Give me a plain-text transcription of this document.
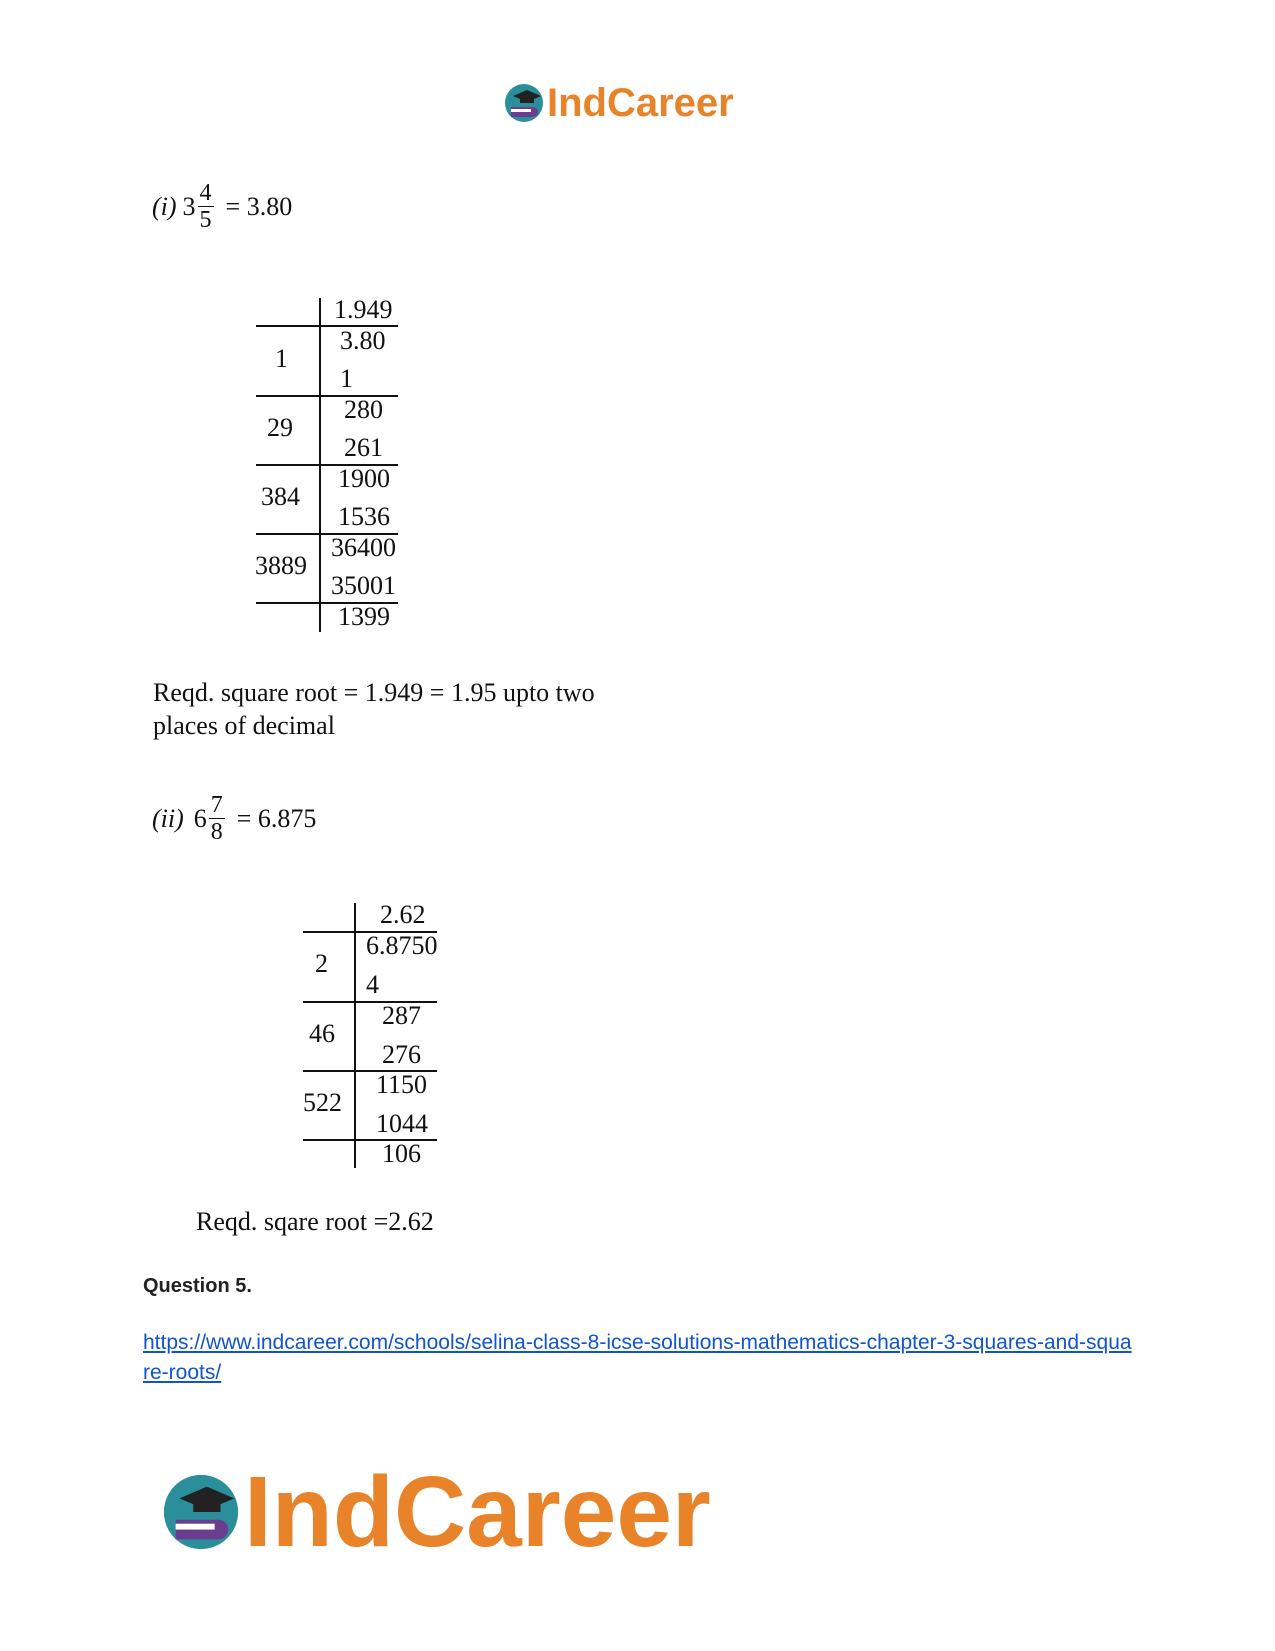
IndCareer
(i) $3 \frac{4}{5} = 3.80$
1.949
1
3.80
1
29
280
261
384
1900
1536
3889
36400
35001
1399
Reqd. square root = 1.949 = 1.95 upto two
places of decimal
(ii) $6 \frac{7}{8} = 6.875$
2.62
2
6.8750
4
46
287
276
522
1150
1044
106
Reqd. sqare root =2.62
Question 5.
https://www.indcareer.com/schools/selina-class-8-icse-solutions-mathematics-chapter-3-squares-and-square-roots/
IndCareer
